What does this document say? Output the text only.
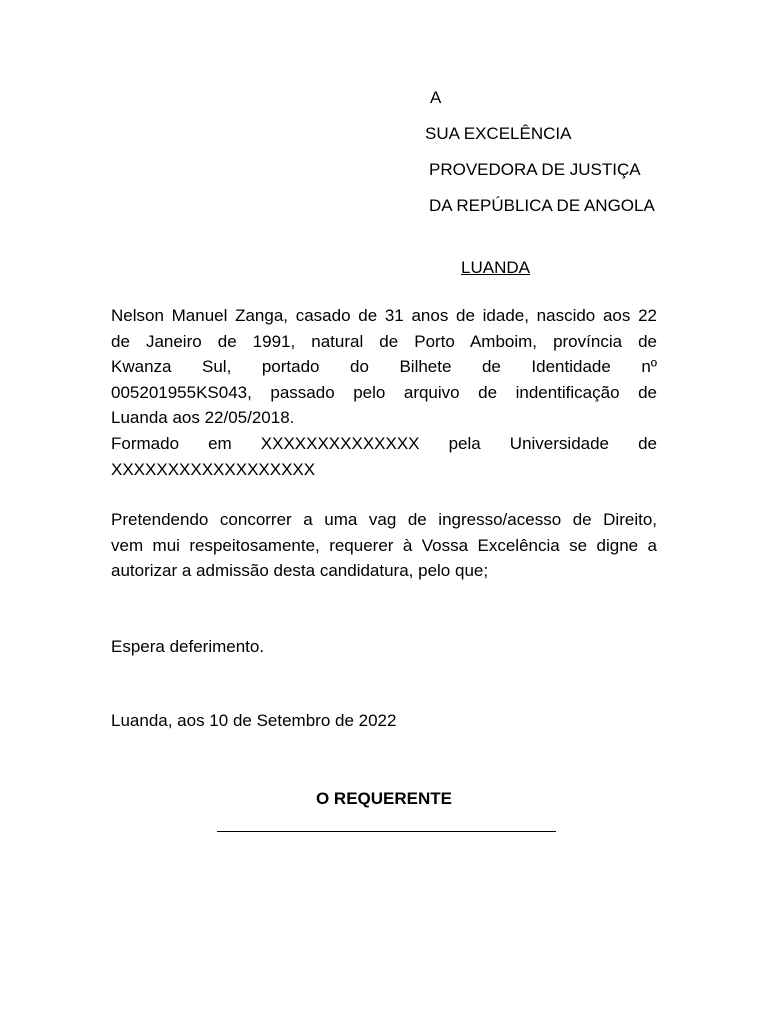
A
SUA EXCELÊNCIA
PROVEDORA DE JUSTIÇA
DA REPÚBLICA DE ANGOLA
LUANDA
Nelson Manuel Zanga, casado de 31 anos de idade, nascido aos 22
de Janeiro de 1991, natural de Porto Amboim, província de
Kwanza Sul, portado do Bilhete de Identidade nº
005201955KS043, passado pelo arquivo de indentificação de
Luanda aos 22/05/2018.
Formado em XXXXXXXXXXXXXX pela Universidade de
XXXXXXXXXXXXXXXXXX
Pretendendo concorrer a uma vag de ingresso/acesso de Direito,
vem mui respeitosamente, requerer à Vossa Excelência se digne a
autorizar a admissão desta candidatura, pelo que;
Espera deferimento.
Luanda, aos 10 de Setembro de 2022
O REQUERENTE
